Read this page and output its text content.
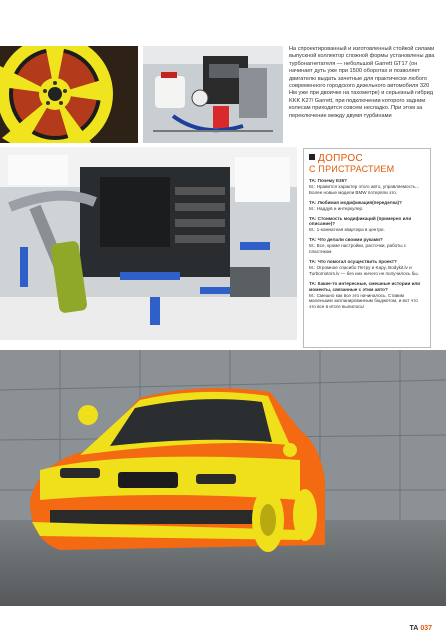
На спроектированный и изготовленный стойкой силами выпускной коллектор сложной формы установлены два турбонагнетателя — небольшой Garrett GT17 (он начинает дуть уже при 1500 оборотах и позволяет двигателю выдать зачетные для практически любого современного городского дизельного автомобиля 320 Нм уже при двоичке на тахометре) и серьезный гибрид KKK K27/ Garrett, при подключении которого задним колесам приходится совсем несладко. При этом за переключение между двумя турбинами
ДОПРОС
С ПРИСТРАСТИЕМ
ТА: Почему Е36?
М.: Нравится характер этого авто, управляемость... Более новые модели BMW потеряли это.
ТА: Любимая модификация(переделка)?
М.: Наддув и интеркулер.
ТА: Стоимость модификаций (примерно или описание)?
М.: 1-комнатная квартира в центре.
ТА: Что делали своими руками?
М.: Все, кроме настройки, расточки, работы с пластиком
ТА: Что помогал осуществить проект?
М.: Огромное спасибо Петру и Kapy, Bodykit.lv и Turbomotors.lv — без них ничего не получилось бы.
ТА: Какие-то интересные, смешные истории или моменты, связанные с этим авто?
М.: Смешно как все это начиналось. Ставим маленьким запланированным бюджетом, и вот что это все в итоге вылилось!
ТА 037
